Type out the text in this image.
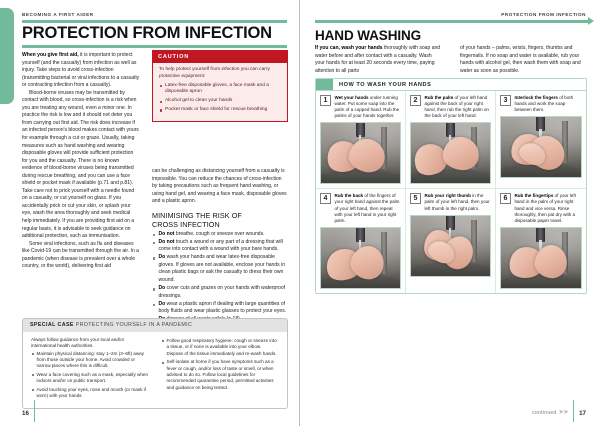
BECOMING A FIRST AIDER
PROTECTION FROM INFECTION

When you give first aid, it is important to protect yourself (and the casualty) from infection as well as injury. Take steps to avoid cross-infection (transmitting bacterial or viral infections to a casualty or contracting infection from a casualty).

Blood-borne viruses may be transmitted by contact with blood, so cross-infection is a risk when you are treating any wound, even a minor one. In practice the risk is low and it should not deter you from carrying out first aid. The risk does increase if an infected person's blood makes contact with yours for example through a cut or graze. Usually, taking measures such as hand washing and wearing disposable gloves will provide sufficient protection for you and the casualty. There is no known evidence of blood-borne viruses being transmitted during rescue breathing, and you can use a face shield or pocket mask if available (p.71 and p.81). Take care not to prick yourself with a needle found on a casualty, or cut yourself on glass. If you accidentally prick or cut your skin, or splash your eye, wash the area thoroughly and seek medical help immediately. If you are providing first aid on a regular basis, it is advisable to seek guidance on additional protection, such as immunisation.

Some viral infections, such as flu and diseases like Covid-19 can be transmitted through the air. In a pandemic (when disease is prevalent over a whole country, or the world), delivering first aid

CAUTION
To help protect yourself from infection you can carry protective equipment:
Latex-free disposable gloves, a face mask and a disposable apron
Alcohol gel to clean your hands
Pocket mask or face shield for rescue breathing

can be challenging as distancing yourself from a casualty is impossible. You can reduce the chances of cross-infection by taking precautions such as frequent hand washing, or using hand gel, and wearing a face mask, disposable gloves and a plastic apron.

MINIMISING THE RISK OF
CROSS INFECTION
Do not breathe, cough or sneeze over wounds.
Do not touch a wound or any part of a dressing that will come into contact with a wound with your bare hands.
Do wash your hands and wear latex-free disposable gloves. If gloves are not available, enclose your hands in clean plastic bags or ask the casualty to dress their own wound.
Do cover cuts and grazes on your hands with waterproof dressings.
Do wear a plastic apron if dealing with large quantities of body fluids and wear plastic glasses to protect your eyes.
SPECIAL CASE PROTECTING YOURSELF IN A PANDEMIC
Always follow guidance from your local and/or international health authorities.
Maintain physical distancing: stay 1–2m (3–6ft) away from those outside your home. Avoid crowded or narrow places where this is difficult.
Wear a face covering such as a mask, especially when indoors and/or on public transport.
Avoid touching your eyes, nose and mouth (or mask if worn) with your hands.
Follow good respiratory hygiene: cough or sneeze into a tissue, or if none is available into your elbow. Dispose of the tissue immediately and re-wash hands.
Self-isolate at home if you have symptoms such as a fever or cough, and/or loss of taste or smell, or when advised to do so. Follow local guidelines for recommended quarantine period, permitted activities and guidance on being tested.
16
PROTECTION FROM INFECTION
HAND WASHING

If you can, wash your hands thoroughly with soap and water before and after contact with a casualty. Wash your hands for at least 20 seconds every time, paying attention to all parts

of your hands – palms, wrists, fingers, thumbs and fingernails. If no soap and water is available, rub your hands with alcohol gel, then wash them with soap and water as soon as possible.

HOW TO WASH YOUR HANDS
1	Wet your hands under running water. Put some soap into the palm of a cupped hand. Rub the palms of your hands together.
2	Rub the palm of your left hand against the back of your right hand, then rub the right palm on the back of your left hand.
3	Interlock the fingers of both hands and work the soap between them.
4	Rub the back of the fingers of your right hand against the palm of your left hand, then repeat with your left hand in your right palm.
5	Rub your right thumb in the palm of your left hand, then your left thumb in the right palm.
6	Rub the fingertips of your left hand in the palm of your right hand and vice versa. Rinse thoroughly, then pat dry with a disposable paper towel.
continued ➤➤ 17
